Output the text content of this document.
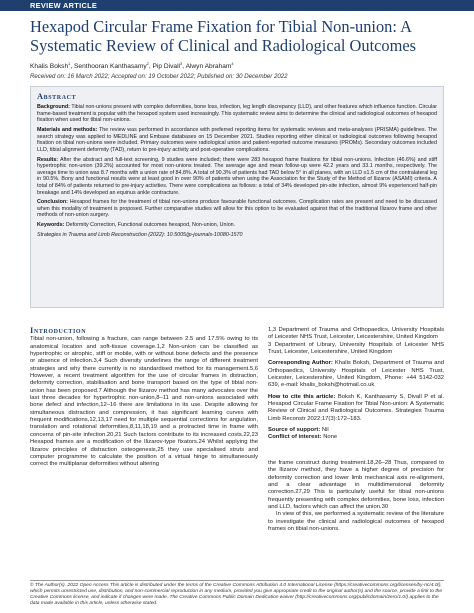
REVIEW ARTICLE
Hexapod Circular Frame Fixation for Tibial Non-union: A Systematic Review of Clinical and Radiological Outcomes
Khalis Boksh$^1$, Senthooran Kanthasamy$^2$, Pip Divall$^3$, Alwyn Abraham$^4$
Received on: 16 March 2022; Accepted on: 19 October 2022; Published on: 30 December 2022
Abstract

Background: Tibial non-unions present with complex deformities, bone loss, infection, leg length discrepancy (LLD), and other features which influence function. Circular frame-based treatment is popular with the hexapod system used increasingly. This systematic review aims to determine the clinical and radiological outcomes of hexapod fixation when used for tibial non-unions.

Materials and methods: The review was performed in accordance with preferred reporting items for systematic reviews and meta-analyses (PRISMA) guidelines. The search strategy was applied to MEDLINE and Embase databases on 15 December 2021. Studies reporting either clinical or radiological outcomes following hexapod fixation on tibial non-unions were included. Primary outcomes were radiological union and patient-reported outcome measures (PROMs). Secondary outcomes included LLD, tibial alignment deformity (TAD), return to pre-injury activity and post-operative complications.

Results: After the abstract and full-text screening, 9 studies were included; there were 283 hexapod frame fixations for tibial non-unions. Infection (46.6%) and stiff hypertrophic non-union (39.2%) accounted for most non-unions treated. The average age and mean follow-up were 42.2 years and 33.1 months, respectively. The average time to union was 8.7 months with a union rate of 84.8%. A total of 90.3% of patients had TAD below 5° in all planes, with an LLD ≤1.5 cm of the contralateral leg in 90.5%. Bony and functional results were at least good in over 90% of patients when using the Association for the Study of the Method of Ilizarov (ASAMI) criteria. A total of 84% of patients returned to pre-injury activities. There were complications as follows: a total of 34% developed pin-site infection, almost 9% experienced half-pin breakage and 14% developed an equinus ankle contracture.

Conclusion: Hexapod frames for the treatment of tibial non-unions produce favourable functional outcomes. Complication rates are present and need to be discussed when this modality of treatment is proposed. Further comparative studies will allow for this option to be evaluated against that of the traditional Ilizarov frame and other methods of non-union surgery.

Keywords: Deformity Correction, Functional outcomes hexapod, Non-union, Union.

Strategies in Trauma and Limb Reconstruction (2022): 10.5005/jp-journals-10080-1570

Introduction

Tibial non-union, following a fracture, can range between 2.5 and 17.5% owing to its anatomical location and soft-tissue coverage.1,2 Non-union can be classified as hypertrophic or atrophic, stiff or mobile, with or without bone defects and the presence or absence of infection.3,4 Such diversity underlines the range of different treatment strategies and why there currently is no standardised method for its management.5,6 However, a recent treatment algorithm for the use of circular frames in distraction, deformity correction, stabilisation and bone transport based on the type of tibial non-union has been proposed.7 Although the Ilizarov method has many advocates over the last three decades for hypertrophic non-union,8–11 and non-unions associated with bone defect and infection,12–16 there are limitations in its use. Despite allowing for simultaneous distraction and compression, it has significant learning curves with frequent modifications,12,13,17 need for multiple sequential corrections for angulation, translation and rotational deformities,8,11,18,19 and a protracted time in frame with concerns of pin-site infection.20,21 Such factors contribute to its increased costs.22,23 Hexapod frames are a modification of the Ilizarov-type fixators.24 Whilst applying the Ilizarov principles of distraction osteogenesis,25 they use specialised struts and computer programme to calculate the position of a virtual hinge to simultaneously correct the multiplanar deformities without altering

1,3 Department of Trauma and Orthopaedics, University Hospitals of Leicester NHS Trust, Leicester, Leicestershire, United Kingdom

3 Department of Library, University Hospitals of Leicester NHS Trust, Leicester, Leicestershire, United Kingdom

Corresponding Author: Khalis Boksh, Department of Trauma and Orthopaedics, University Hospitals of Leicester NHS Trust, Leicester, Leicestershire, United Kingdom, Phone: +44 5142-032 639, e-mail: khalis_boksh@hotmail.co.uk
How to cite this article: Boksh K, Kanthasamy S, Divall P et al. Hexapod Circular Frame Fixation for Tibial Non-union: A Systematic Review of Clinical and Radiological Outcomes. Strategies Trauma Limb Reconstr 2022;17(3):172–183.
Source of support: Nil
Conflict of interest: None

the frame construct during treatment.18,26–28 Thus, compared to the Ilizarov method, they have a higher degree of precision for deformity correction and lower limb mechanical axis re-alignment, and a clear advantage in multidimensional deformity correction.27,29 This is particularly useful for tibial non-unions frequently presenting with complex deformities, bone loss, infection and LLD, factors which can affect the union.30

In view of this, we performed a systematic review of the literature to investigate the clinical and radiological outcomes of hexapod frames on tibial non-unions.

© The Author(s). 2022 Open Access This article is distributed under the terms of the Creative Commons Attribution 4.0 International License (https://creativecommons.org/licenses/by-nc/4.0/), which permits unrestricted use, distribution, and non-commercial reproduction in any medium, provided you give appropriate credit to the original author(s) and the source, provide a link to the Creative Commons license, and indicate if changes were made. The Creative Commons Public Domain Dedication waiver (http://creativecommons.org/publicdomain/zero/1.0/) applies to the data made available in this article, unless otherwise stated.
